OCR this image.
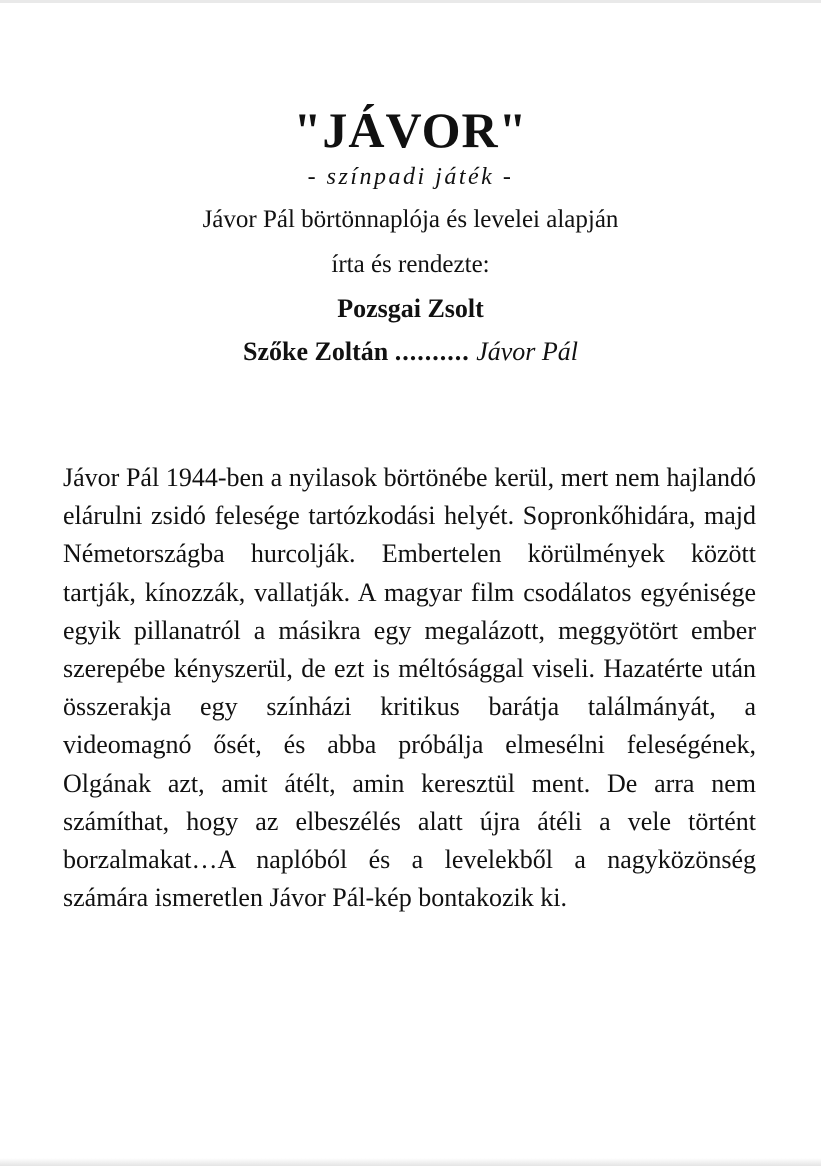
"JÁVOR"
- színpadi játék -
Jávor Pál börtönnaplója és levelei alapján
írta és rendezte:
Pozsgai Zsolt
Szőke Zoltán .......... Jávor Pál

Jávor Pál 1944-ben a nyilasok börtönébe kerül, mert nem hajlandó elárulni zsidó felesége tartózkodási helyét. Sopronkőhidára, majd Németországba hurcolják. Embertelen körülmények között tartják, kínozzák, vallatják. A magyar film csodálatos egyénisége egyik pillanatról a másikra egy megalázott, meggyötört ember szerepébe kényszerül, de ezt is méltósággal viseli. Hazatérte után összerakja egy színházi kritikus barátja találmányát, a videomagnó ősét, és abba próbálja elmesélni feleségének, Olgának azt, amit átélt, amin keresztül ment. De arra nem számíthat, hogy az elbeszélés alatt újra átéli a vele történt borzalmakat…A naplóból és a levelekből a nagyközönség számára ismeretlen Jávor Pál-kép bontakozik ki.
